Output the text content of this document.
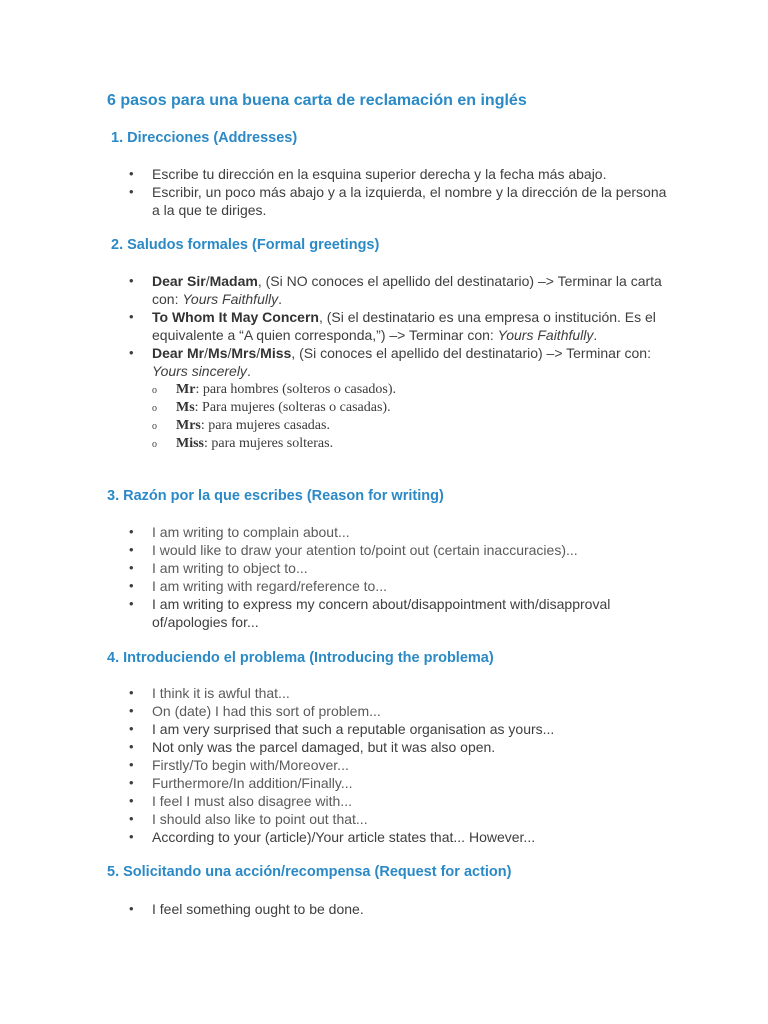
6 pasos para una buena carta de reclamación en inglés
1. Direcciones (Addresses)
• Escribe tu dirección en la esquina superior derecha y la fecha más abajo.
• Escribir, un poco más abajo y a la izquierda, el nombre y la dirección de la persona a la que te diriges.
2. Saludos formales (Formal greetings)
• Dear Sir/Madam, (Si NO conoces el apellido del destinatario) –> Terminar la carta con: Yours Faithfully.
• To Whom It May Concern, (Si el destinatario es una empresa o institución. Es el equivalente a “A quien corresponda,”) –> Terminar con: Yours Faithfully.
• Dear Mr/Ms/Mrs/Miss, (Si conoces el apellido del destinatario) –> Terminar con: Yours sincerely.
o Mr: para hombres (solteros o casados).
o Ms: Para mujeres (solteras o casadas).
o Mrs: para mujeres casadas.
o Miss: para mujeres solteras.
3. Razón por la que escribes (Reason for writing)
• I am writing to complain about...
• I would like to draw your atention to/point out (certain inaccuracies)...
• I am writing to object to...
• I am writing with regard/reference to...
• I am writing to express my concern about/disappointment with/disapproval of/apologies for...
4. Introduciendo el problema (Introducing the problema)
• I think it is awful that...
• On (date) I had this sort of problem...
• I am very surprised that such a reputable organisation as yours...
• Not only was the parcel damaged, but it was also open.
• Firstly/To begin with/Moreover...
• Furthermore/In addition/Finally...
• I feel I must also disagree with...
• I should also like to point out that...
• According to your (article)/Your article states that... However...
5. Solicitando una acción/recompensa (Request for action)
• I feel something ought to be done.
